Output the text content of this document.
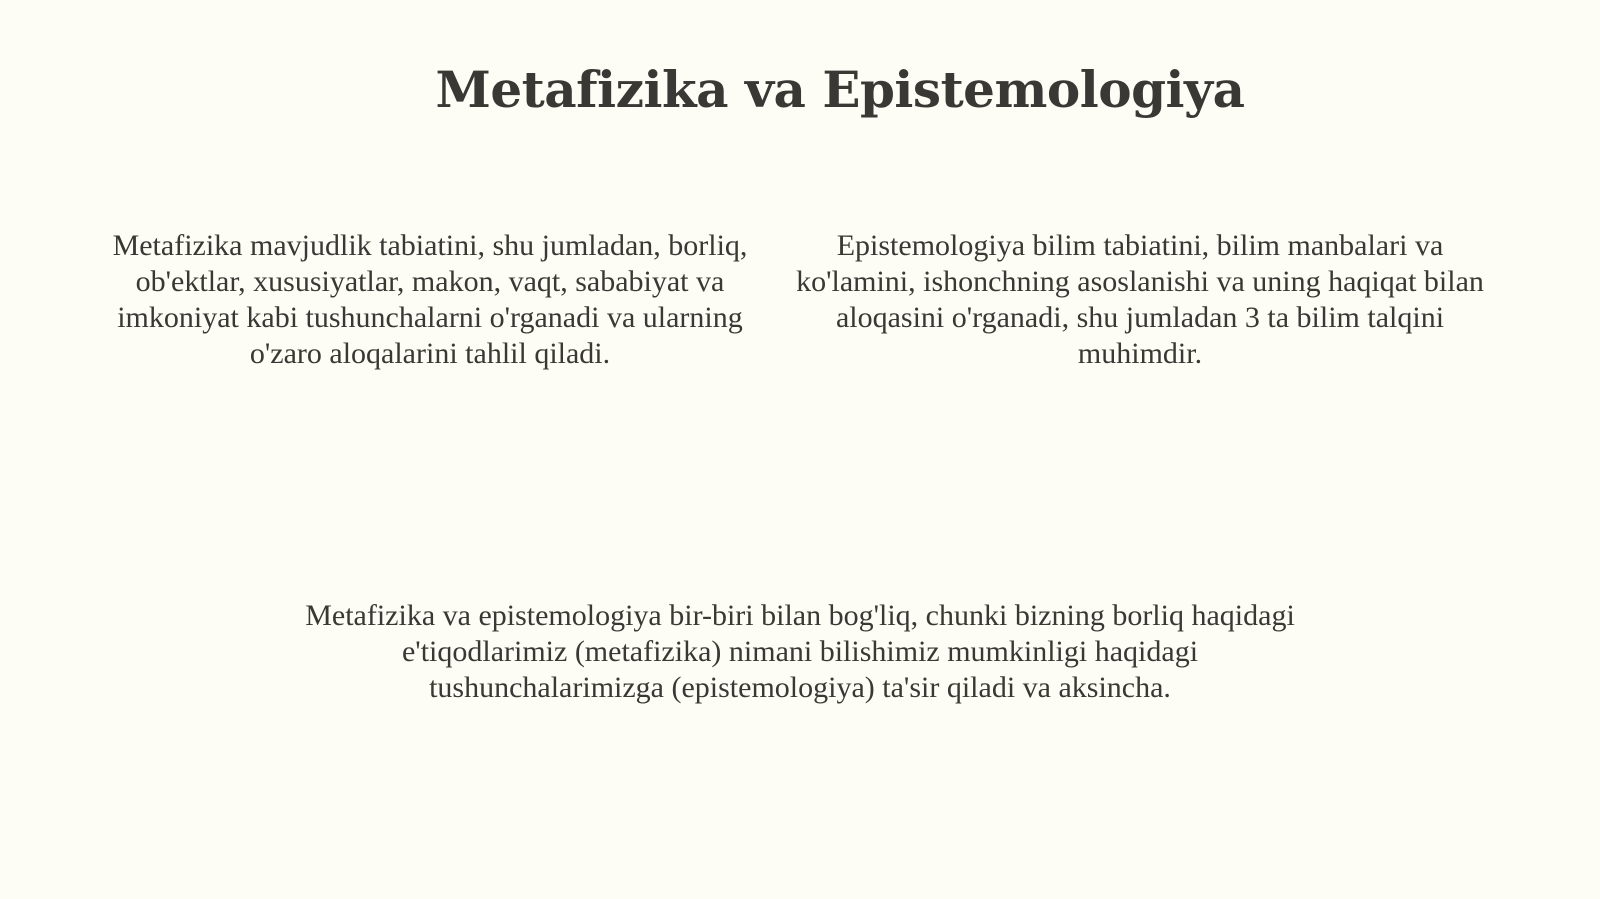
Metafizika va Epistemologiya

Metafizika mavjudlik tabiatini, shu jumladan, borliq, ob'ektlar, xususiyatlar, makon, vaqt, sababiyat va imkoniyat kabi tushunchalarni o'rganadi va ularning o'zaro aloqalarini tahlil qiladi.

Epistemologiya bilim tabiatini, bilim manbalari va ko'lamini, ishonchning asoslanishi va uning haqiqat bilan aloqasini o'rganadi, shu jumladan 3 ta bilim talqini muhimdir.

Metafizika va epistemologiya bir-biri bilan bog'liq, chunki bizning borliq haqidagi e'tiqodlarimiz (metafizika) nimani bilishimiz mumkinligi haqidagi tushunchalarimizga (epistemologiya) ta'sir qiladi va aksincha.
